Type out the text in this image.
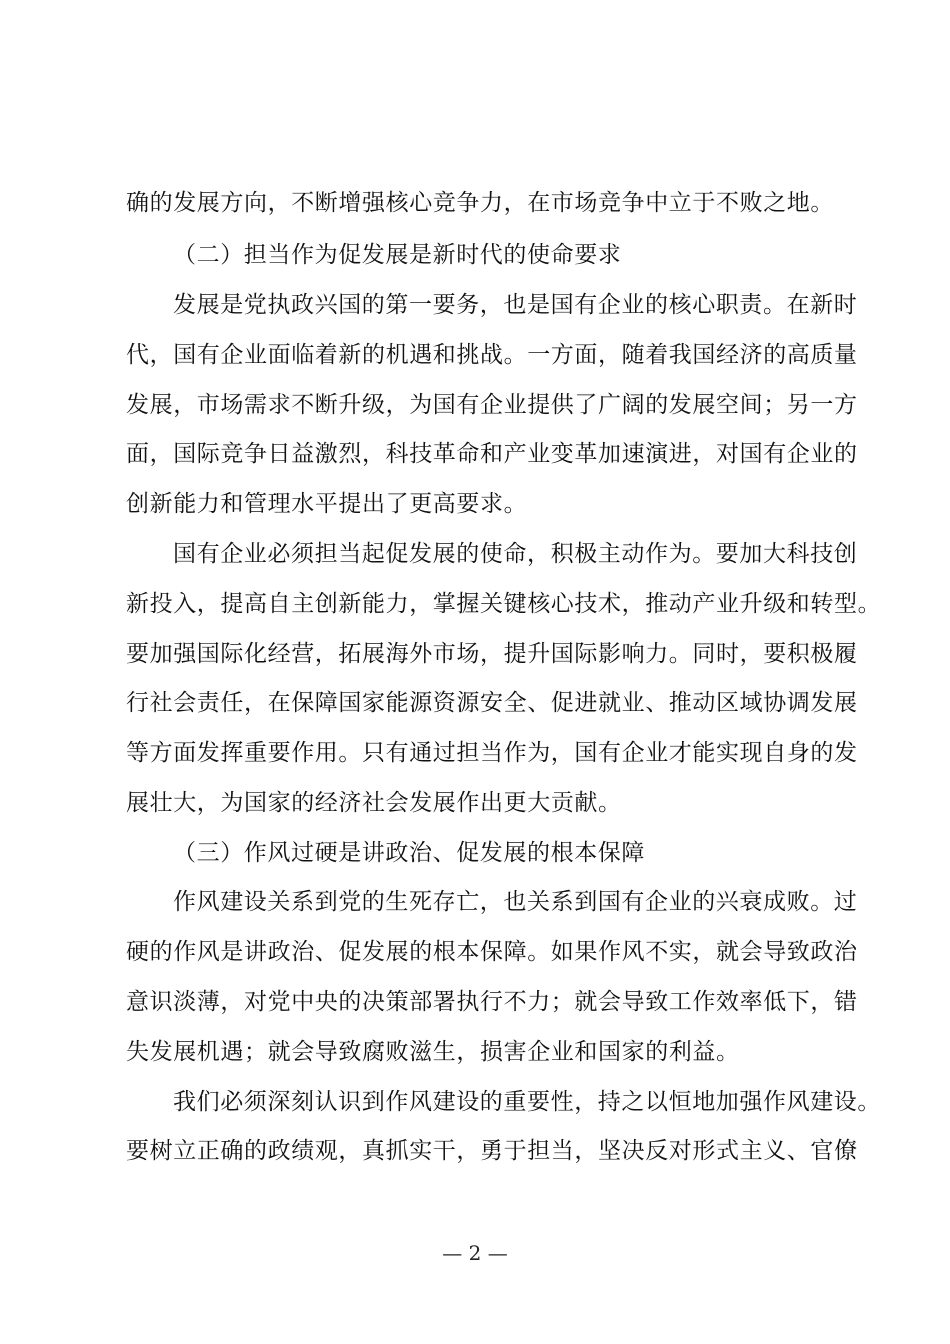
确的发展方向，不断增强核心竞争力，在市场竞争中立于不败之地。
（二）担当作为促发展是新时代的使命要求
发展是党执政兴国的第一要务，也是国有企业的核心职责。在新时
代，国有企业面临着新的机遇和挑战。一方面，随着我国经济的高质量
发展，市场需求不断升级，为国有企业提供了广阔的发展空间；另一方
面，国际竞争日益激烈，科技革命和产业变革加速演进，对国有企业的
创新能力和管理水平提出了更高要求。
国有企业必须担当起促发展的使命，积极主动作为。要加大科技创
新投入，提高自主创新能力，掌握关键核心技术，推动产业升级和转型。
要加强国际化经营，拓展海外市场，提升国际影响力。同时，要积极履
行社会责任，在保障国家能源资源安全、促进就业、推动区域协调发展
等方面发挥重要作用。只有通过担当作为，国有企业才能实现自身的发
展壮大，为国家的经济社会发展作出更大贡献。
（三）作风过硬是讲政治、促发展的根本保障
作风建设关系到党的生死存亡，也关系到国有企业的兴衰成败。过
硬的作风是讲政治、促发展的根本保障。如果作风不实，就会导致政治
意识淡薄，对党中央的决策部署执行不力；就会导致工作效率低下，错
失发展机遇；就会导致腐败滋生，损害企业和国家的利益。
我们必须深刻认识到作风建设的重要性，持之以恒地加强作风建设。
要树立正确的政绩观，真抓实干，勇于担当，坚决反对形式主义、官僚
— 2 —
